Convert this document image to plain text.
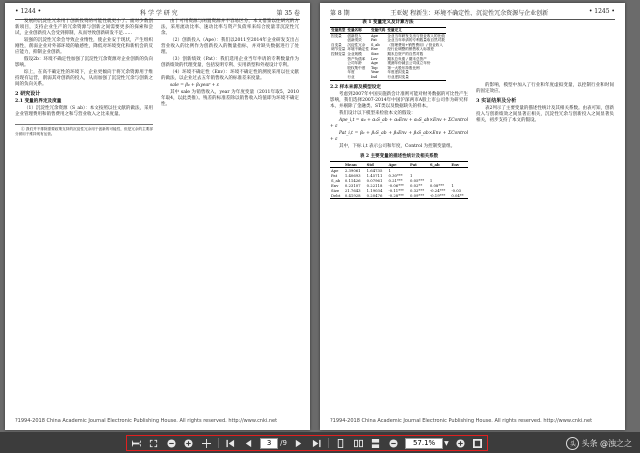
• 1244 •	科 学 学 研 究	第 35 卷

发展的沉淀性冗余用于创新投资的可能性就更小了。面对少数创新项目，支持企业生产的冗余资源与创新之间需要更多的探索和尝试，企业创新投入会受到抑制，从而导致创新研发不足……

较强的沉淀性冗余会导致企业惰性，使企业安于现状，产生组织刚性，削弱企业对外部环境的敏感性，降低对环境变化和新机会的反应能力，抑制企业创新。

假设2b：环境不确定性加强了沉淀性冗余资源对企业创新的负向影响。

综上，在高不确定性的环境下，企业更倾向于将冗余资源用于维持现有运营，削弱其对创新的投入，从而加强了沉淀性冗余与创新之间的负向关系。

2 研究设计

2.1 变量的界定及度量

（1）沉淀性冗余资源（S_ab）：本文按照以往文献的做法，采用企业管理费用和销售费用之和与营业收入之比来度量。

① 我们并不排除需要政策支持的沉淀性冗余用于创新的可能性，但是冗余的主要部分被用于维持现有运营。

由于可用资源与闲置资源并不容易区分，本文借鉴以往研究的方法，采用流动比率、速动比率与资产负债率来综合度量非沉淀性冗余。

（2）创新投入（Ape）：我们以2011至2014年企业研发支出占营业收入的比例作为创新投入的衡量指标，并对缺失数据进行了处理。

（3）创新绩效（Pat）：我们选用企业当年申请的专利数量作为创新绩效的代理变量，包括发明专利、实用新型和外观设计专利。

（4）环境不确定性（Env）：环境不确定性的测度采用以往文献的做法，以企业过去五年销售收入的标准差来度量。

sale = β₀ + β₁year + ε

其中 sale 为销售收入，year 为年度变量（2011年取5，2010年取4，以此类推）。残差的标准差除以销售收入均值即为环境不确定性。

?1994-2018 China Academic Journal Electronic Publishing House. All rights reserved. http://www.cnki.net
第 8 期	王亚妮 程新生：环境不确定性、沉淀性冗余资源与企业创新	• 1245 •
表 1 变量定义及计算方法
变量类型	变量名称	变量代码	变量定义
因变量	创新投入	Ape	企业当年研发支出与营业收入的比值
	创新绩效	Pat	企业当年申请的专利数量取自然对数
自变量	沉淀性冗余	S_ab	（管理费用+销售费用）/ 营业收入
调节变量	环境不确定性	Env	经行业调整的销售收入标准差
控制变量	企业规模	Size	期末总资产的自然对数
	资产负债率	Lev	期末总负债 / 期末总资产
	公司年龄	Age	观测年份减去公司成立年份
	股权集中度	Top	第一大股东持股比例
	年度	Year	年度虚拟变量
	行业	Ind	行业虚拟变量

2.2 样本来源及模型设定

考虑到2007年中国实施新会计准则可能对财务数据的可比性产生影响，我们选择2007-2014年中国沪深两市A股上市公司作为研究样本，并剔除了金融类、ST类以及数据缺失的样本。

我们设计以下模型来检验本文的假设：

Ape_i,t = α₀ + α₁S_ab + α₂Env + α₃S_ab×Env + ΣControl + ε

Pat_i,t = β₀ + β₁S_ab + β₂Env + β₃S_ab×Env + ΣControl + ε

其中，下标 i,t 表示公司和年度，Control 为控制变量组。

表 2 主要变量的描述性统计及相关系数
	Mean	Std	Ape	Pat	S_ab	Env
Ape	2.39061	1.64735	1			
Pat	1.40693	1.45711	0.30***	1		
S_ab	0.11426	0.07961	0.21***	0.05***	1	
Env	0.23107	0.22118	-0.06***	0.02**	0.08***	1
Size	21.7643	1.19034	-0.11***	0.32***	-0.24***	-0.03
Debt	0.41928	0.20476	-0.28***	0.09***	-0.19***	0.04**

的影响，模型中加入了行业和年度虚拟变量，以控制行业和时间的固定效应。

3 实证结果及分析

表2列示了主要变量的描述性统计及其相关系数。由表可知，创新投入与创新绩效之间显著正相关，沉淀性冗余与创新投入之间显著负相关，初步支持了本文的假设。

?1994-2018 China Academic Journal Electronic Publishing House. All rights reserved. http://www.cnki.net
3
/9
57.1%	▼	头 头条 @浊之之
